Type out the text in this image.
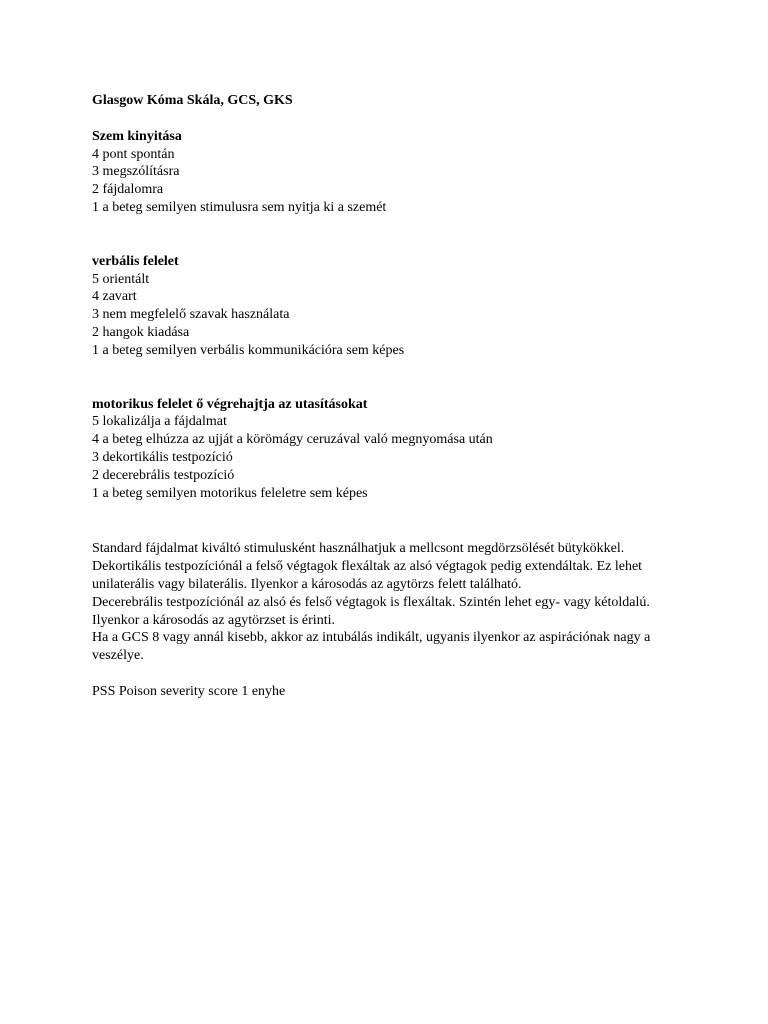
Glasgow Kóma Skála, GCS, GKS
Szem kinyitása
4 pont spontán
3 megszólításra
2 fájdalomra
1 a beteg semilyen stimulusra sem nyitja ki a szemét
verbális felelet
5 orientált
4 zavart
3 nem megfelelő szavak használata
2 hangok kiadása
1 a beteg semilyen verbális kommunikációra sem képes
motorikus felelet ő végrehajtja az utasításokat
5 lokalizálja a fájdalmat
4 a beteg elhúzza az ujját a körömágy ceruzával való megnyomása után
3 dekortikális testpozíció
2 decerebrális testpozíció
1 a beteg semilyen motorikus feleletre sem képes
Standard fájdalmat kiváltó stimulusként használhatjuk a mellcsont megdörzsölését bütykökkel.
Dekortikális testpozíciónál a felső végtagok flexáltak az alsó végtagok pedig extendáltak. Ez lehet unilaterális vagy bilaterális. Ilyenkor a károsodás az agytörzs felett található.
Decerebrális testpozíciónál az alsó és felső végtagok is flexáltak. Szintén lehet egy- vagy kétoldalú. Ilyenkor a károsodás az agytörzset is érinti.
Ha a GCS 8 vagy annál kisebb, akkor az intubálás indikált, ugyanis ilyenkor az aspirációnak nagy a veszélye.
PSS Poison severity score 1 enyhe
